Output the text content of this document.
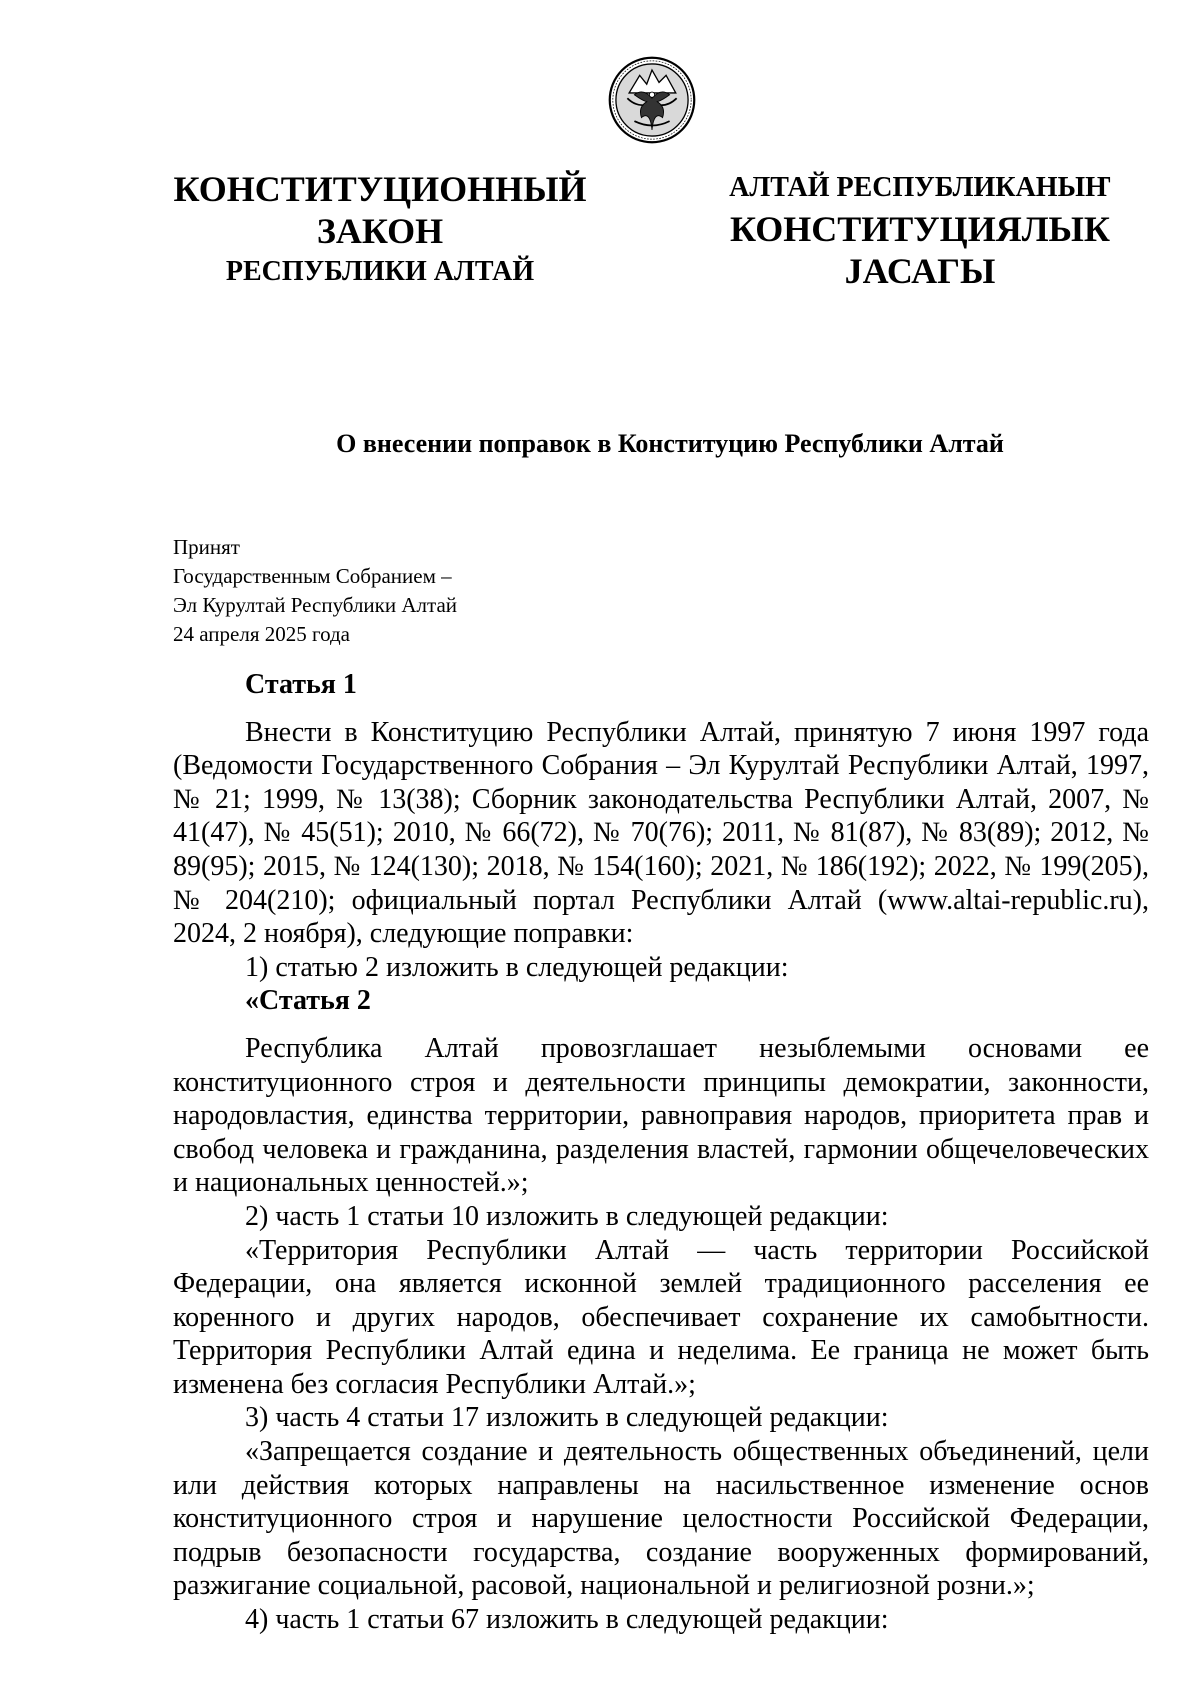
КОНСТИТУЦИОННЫЙ
ЗАКОН
РЕСПУБЛИКИ АЛТАЙ
АЛТАЙ РЕСПУБЛИКАНЫҤ
КОНСТИТУЦИЯЛЫК
ЈАСАГЫ
О внесении поправок в Конституцию Республики Алтай
Принят
Государственным Собранием –
Эл Курултай Республики Алтай
24 апреля 2025 года

Статья 1

Внести в Конституцию Республики Алтай, принятую 7 июня 1997 года (Ведомости Государственного Собрания – Эл Курултай Республики Алтай, 1997, № 21; 1999, № 13(38); Сборник законодательства Республики Алтай, 2007, № 41(47), № 45(51); 2010, № 66(72), № 70(76); 2011, № 81(87), № 83(89); 2012, № 89(95); 2015, № 124(130); 2018, № 154(160); 2021, № 186(192); 2022, № 199(205), № 204(210); официальный портал Республики Алтай (www.altai-republic.ru), 2024, 2 ноября), следующие поправки:

1) статью 2 изложить в следующей редакции:

«Статья 2

Республика Алтай провозглашает незыблемыми основами ее конституционного строя и деятельности принципы демократии, законности, народовластия, единства территории, равноправия народов, приоритета прав и свобод человека и гражданина, разделения властей, гармонии общечеловеческих и национальных ценностей.»;

2) часть 1 статьи 10 изложить в следующей редакции:

«Территория Республики Алтай — часть территории Российской Федерации, она является исконной землей традиционного расселения ее коренного и других народов, обеспечивает сохранение их самобытности. Территория Республики Алтай едина и неделима. Ее граница не может быть изменена без согласия Республики Алтай.»;

3) часть 4 статьи 17 изложить в следующей редакции:

«Запрещается создание и деятельность общественных объединений, цели или действия которых направлены на насильственное изменение основ конституционного строя и нарушение целостности Российской Федерации, подрыв безопасности государства, создание вооруженных формирований, разжигание социальной, расовой, национальной и религиозной розни.»;

4) часть 1 статьи 67 изложить в следующей редакции:
